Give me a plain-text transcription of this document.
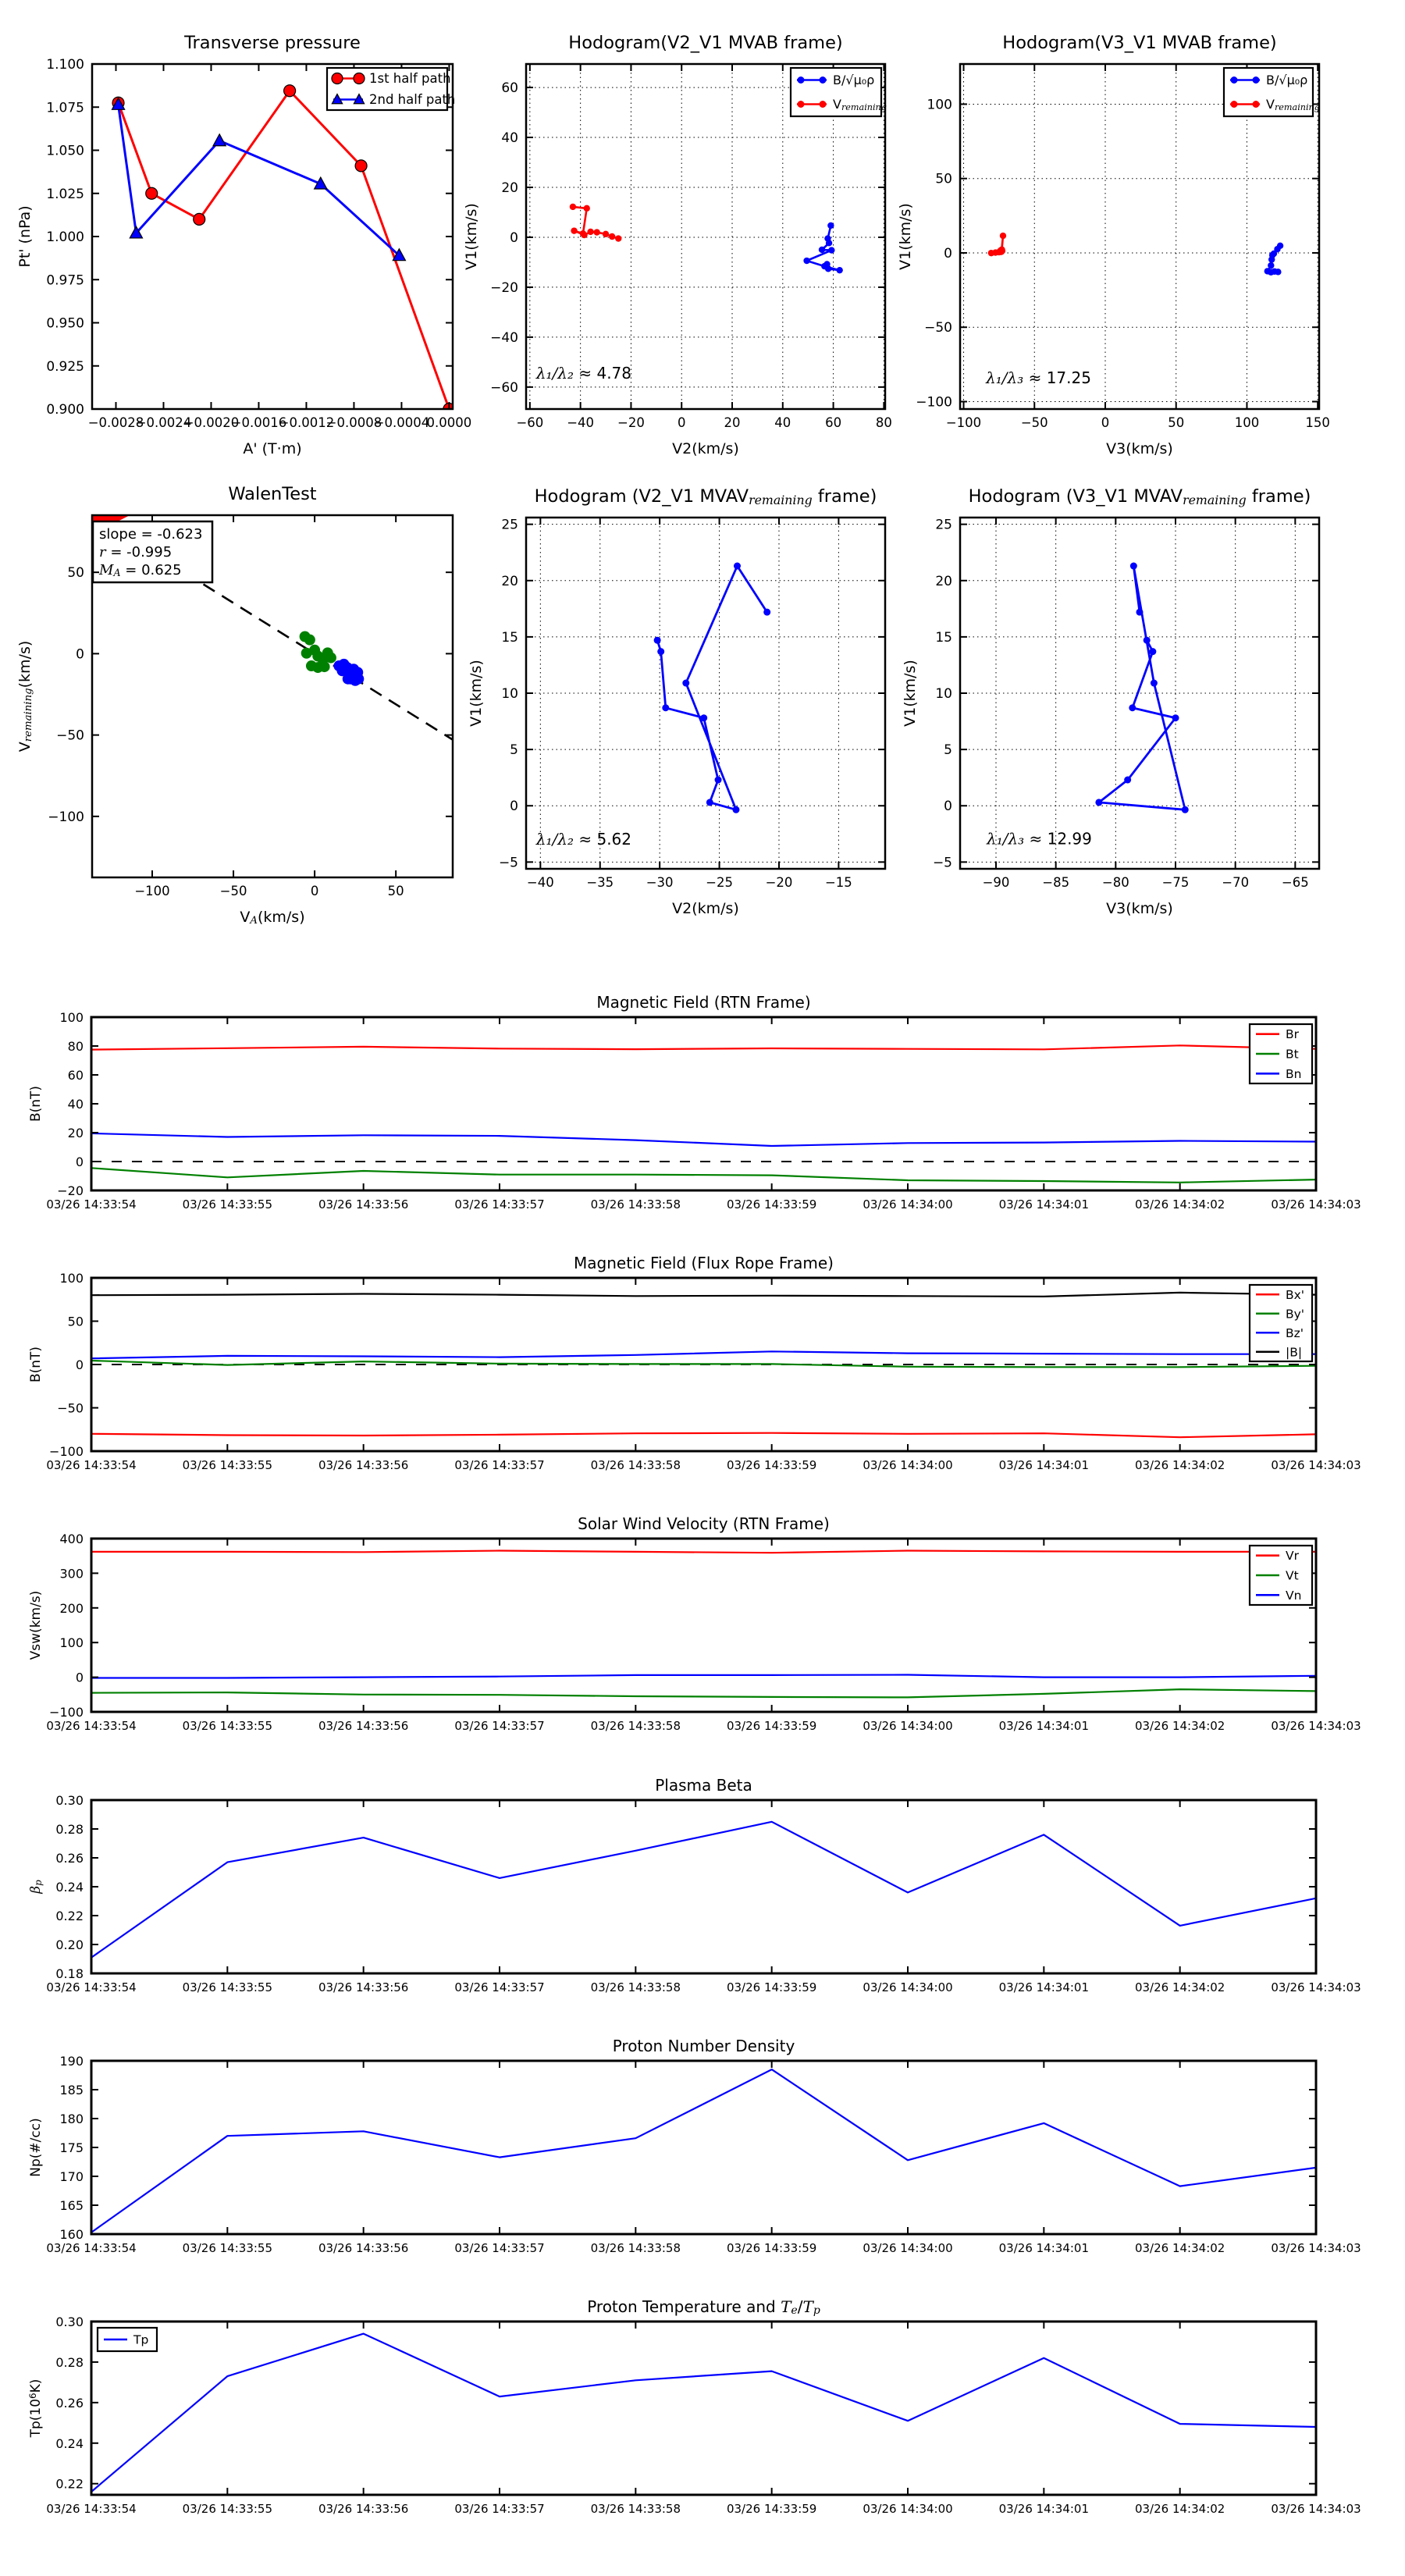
−0.0028
−0.0024
−0.0020
−0.0016
−0.0012
−0.0008
−0.0004
0.0000
0.900
0.925
0.950
0.975
1.000
1.025
1.050
1.075
1.100
A' (T·m)
Pt' (nPa)
Transverse pressure
1st half path
2nd half path
λ₁/λ₂ ≈ 4.78
−60 −40 −20	0	20	40	60	80
−60
−40
−20
0
20
40
60
V2(km/s)
V1(km/s)
Hodogram(V2_V1 MVAB frame)
B/√μ₀ρ
Vremaining
λ₁/λ₃ ≈ 17.25
−100	−50	0	50	100	150
−100
−50
0
50
100
V3(km/s)
V1(km/s)
Hodogram(V3_V1 MVAB frame)
B/√μ₀ρ
Vremaining
slope = -0.623
r = -0.995
MA = 0.625
−100	−50	0	50
−100
−50
0
50
VA(km/s)
Vremaining(km/s)
WalenTest
λ₁/λ₂ ≈ 5.62
−40	−35	−30	−25	−20	−15
−5
0
5
10
15
20
25
V2(km/s)
V1(km/s)
Hodogram (V2_V1 MVAVremaining frame)
λ₁/λ₃ ≈ 12.99
−90	−85	−80	−75	−70	−65
−5
0
5
10
15
20
25
V3(km/s)
V1(km/s)
Hodogram (V3_V1 MVAVremaining frame)
03/26 14:33:54	03/26 14:33:55	03/26 14:33:56	03/26 14:33:57	03/26 14:33:58	03/26 14:33:59	03/26 14:34:00	03/26 14:34:01	03/26 14:34:02	03/26 14:34:03
−20
0
20
40
60
80
100
B(nT)
Magnetic Field (RTN Frame)
Br
Bt
Bn
03/26 14:33:54	03/26 14:33:55	03/26 14:33:56	03/26 14:33:57	03/26 14:33:58	03/26 14:33:59	03/26 14:34:00	03/26 14:34:01	03/26 14:34:02	03/26 14:34:03
−100
−50
0
50
100
B(nT)
Magnetic Field (Flux Rope Frame)
Bx'
By'
Bz'
|B|
03/26 14:33:54	03/26 14:33:55	03/26 14:33:56	03/26 14:33:57	03/26 14:33:58	03/26 14:33:59	03/26 14:34:00	03/26 14:34:01	03/26 14:34:02	03/26 14:34:03
−100
0
100
200
300
400
Vsw(km/s)
Solar Wind Velocity (RTN Frame)
Vr
Vt
Vn
03/26 14:33:54	03/26 14:33:55	03/26 14:33:56	03/26 14:33:57	03/26 14:33:58	03/26 14:33:59	03/26 14:34:00	03/26 14:34:01	03/26 14:34:02	03/26 14:34:03
0.18
0.20
0.22
0.24
0.26
0.28
0.30
βp
Plasma Beta
03/26 14:33:54	03/26 14:33:55	03/26 14:33:56	03/26 14:33:57	03/26 14:33:58	03/26 14:33:59	03/26 14:34:00	03/26 14:34:01	03/26 14:34:02	03/26 14:34:03
160
165
170
175
180
185
190
Np(#/cc)
Proton Number Density
03/26 14:33:54	03/26 14:33:55	03/26 14:33:56	03/26 14:33:57	03/26 14:33:58	03/26 14:33:59	03/26 14:34:00	03/26 14:34:01	03/26 14:34:02	03/26 14:34:03
0.22
0.24
0.26
0.28
0.30
Tp(106K)
Proton Temperature and Te/Tp
Tp
